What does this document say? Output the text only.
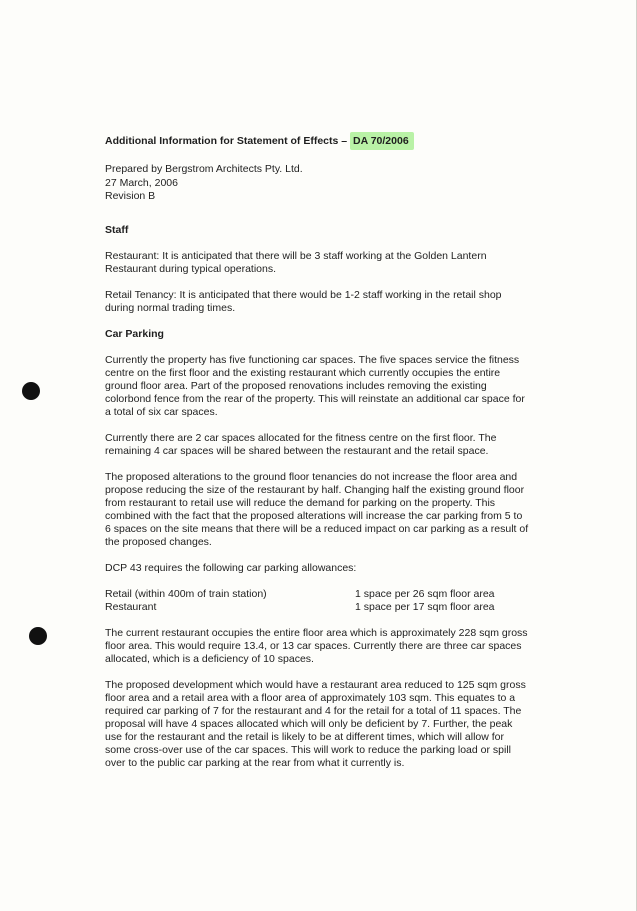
Additional Information for Statement of Effects – DA 70/2006
Prepared by Bergstrom Architects Pty. Ltd.
27 March, 2006
Revision B
Staff

Restaurant: It is anticipated that there will be 3 staff working at the Golden Lantern Restaurant during typical operations.

Retail Tenancy: It is anticipated that there would be 1-2 staff working in the retail shop during normal trading times.

Car Parking

Currently the property has five functioning car spaces. The five spaces service the fitness centre on the first floor and the existing restaurant which currently occupies the entire ground floor area. Part of the proposed renovations includes removing the existing colorbond fence from the rear of the property. This will reinstate an additional car space for a total of six car spaces.

Currently there are 2 car spaces allocated for the fitness centre on the first floor. The remaining 4 car spaces will be shared between the restaurant and the retail space.

The proposed alterations to the ground floor tenancies do not increase the floor area and propose reducing the size of the restaurant by half. Changing half the existing ground floor from restaurant to retail use will reduce the demand for parking on the property. This combined with the fact that the proposed alterations will increase the car parking from 5 to 6 spaces on the site means that there will be a reduced impact on car parking as a result of the proposed changes.

DCP 43 requires the following car parking allowances:

Retail (within 400m of train station)	1 space per 26 sqm floor area
Restaurant	1 space per 17 sqm floor area

The current restaurant occupies the entire floor area which is approximately 228 sqm gross floor area. This would require 13.4, or 13 car spaces. Currently there are three car spaces allocated, which is a deficiency of 10 spaces.

The proposed development which would have a restaurant area reduced to 125 sqm gross floor area and a retail area with a floor area of approximately 103 sqm. This equates to a required car parking of 7 for the restaurant and 4 for the retail for a total of 11 spaces. The proposal will have 4 spaces allocated which will only be deficient by 7. Further, the peak use for the restaurant and the retail is likely to be at different times, which will allow for some cross-over use of the car spaces. This will work to reduce the parking load or spill over to the public car parking at the rear from what it currently is.
